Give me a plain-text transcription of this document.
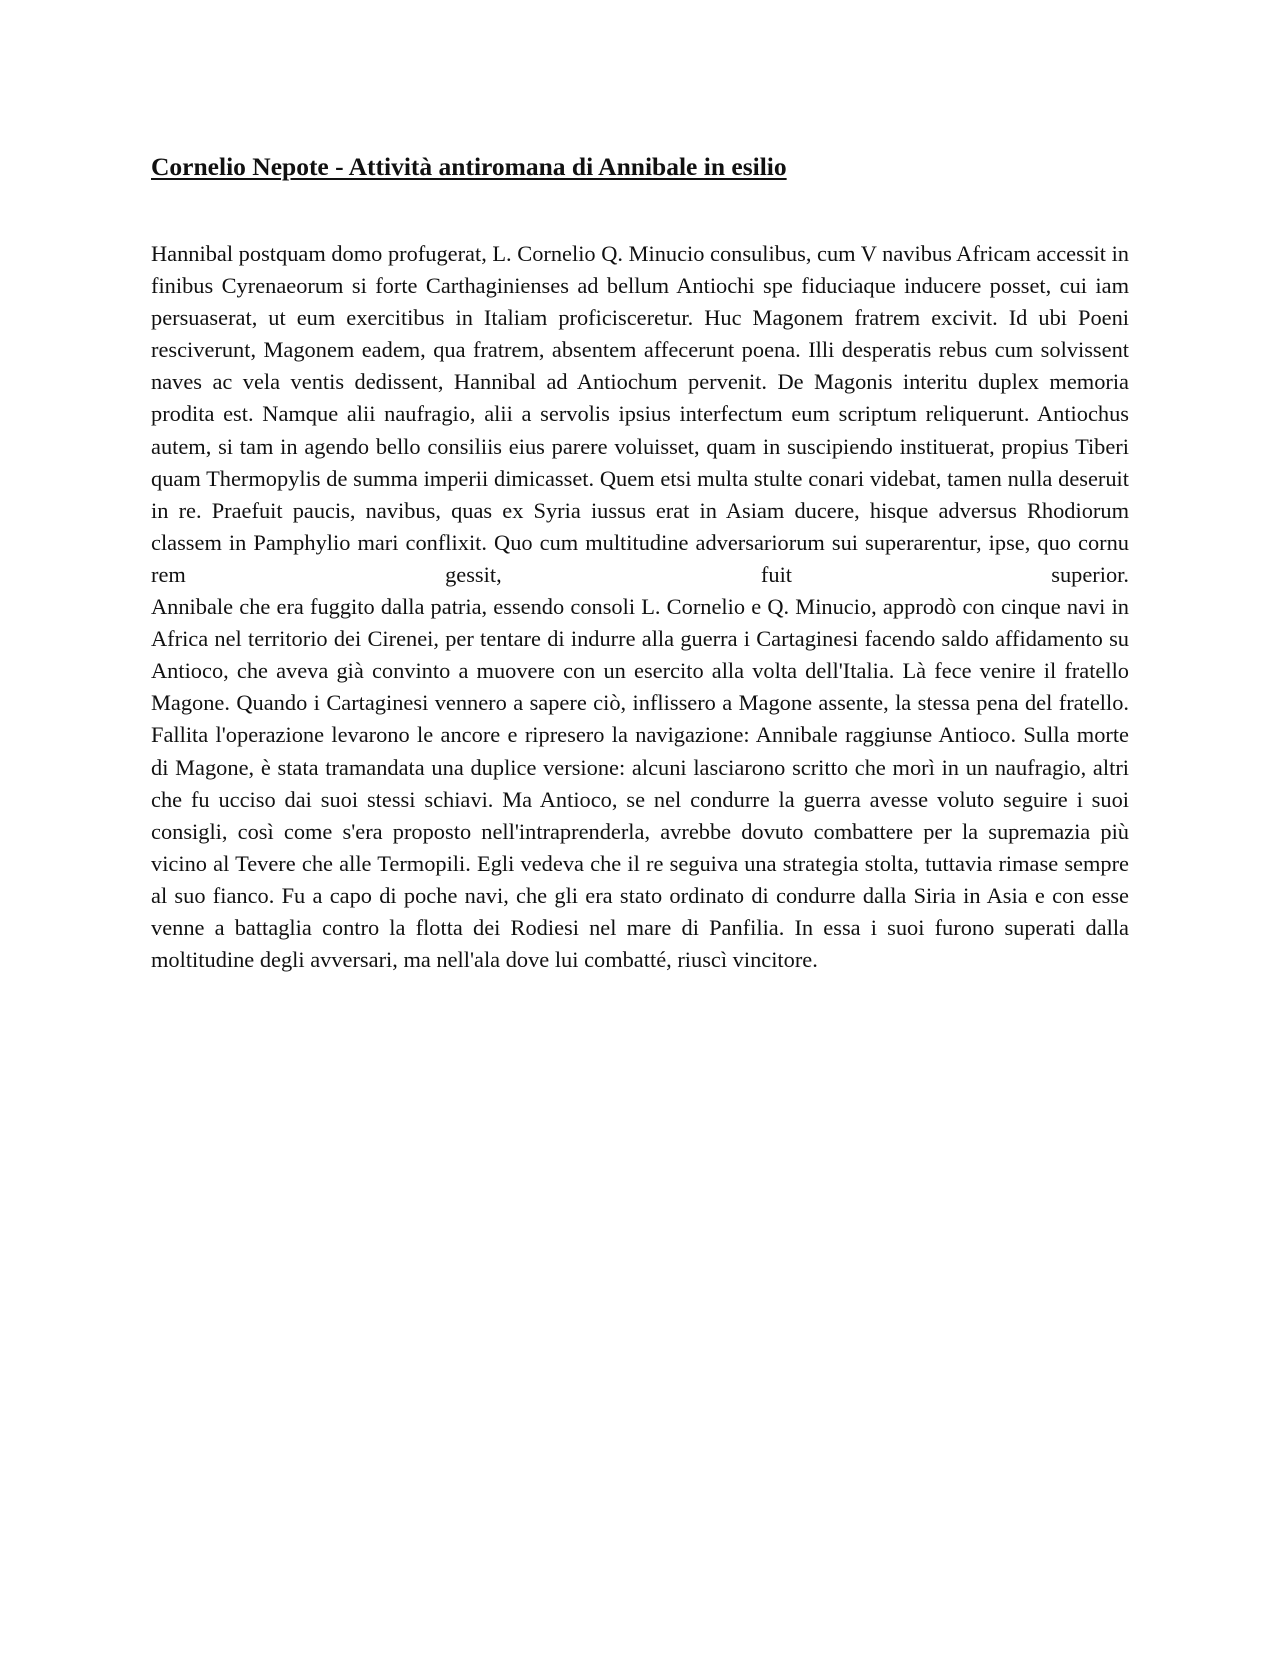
Cornelio Nepote - Attività antiromana di Annibale in esilio

Hannibal postquam domo profugerat, L. Cornelio Q. Minucio consulibus, cum V navibus Africam accessit in finibus Cyrenaeorum si forte Carthaginienses ad bellum Antiochi spe fiduciaque inducere posset, cui iam persuaserat, ut eum exercitibus in Italiam proficisceretur. Huc Magonem fratrem excivit. Id ubi Poeni resciverunt, Magonem eadem, qua fratrem, absentem affecerunt poena. Illi desperatis rebus cum solvissent naves ac vela ventis dedissent, Hannibal ad Antiochum pervenit. De Magonis interitu duplex memoria prodita est. Namque alii naufragio, alii a servolis ipsius interfectum eum scriptum reliquerunt. Antiochus autem, si tam in agendo bello consiliis eius parere voluisset, quam in suscipiendo instituerat, propius Tiberi quam Thermopylis de summa imperii dimicasset. Quem etsi multa stulte conari videbat, tamen nulla deseruit in re. Praefuit paucis, navibus, quas ex Syria iussus erat in Asiam ducere, hisque adversus Rhodiorum classem in Pamphylio mari conflixit. Quo cum multitudine adversariorum sui superarentur, ipse, quo cornu rem gessit, fuit superior.

Annibale che era fuggito dalla patria, essendo consoli L. Cornelio e Q. Minucio, approdò con cinque navi in Africa nel territorio dei Cirenei, per tentare di indurre alla guerra i Cartaginesi facendo saldo affidamento su Antioco, che aveva già convinto a muovere con un esercito alla volta dell'Italia. Là fece venire il fratello Magone. Quando i Cartaginesi vennero a sapere ciò, inflissero a Magone assente, la stessa pena del fratello. Fallita l'operazione levarono le ancore e ripresero la navigazione: Annibale raggiunse Antioco. Sulla morte di Magone, è stata tramandata una duplice versione: alcuni lasciarono scritto che morì in un naufragio, altri che fu ucciso dai suoi stessi schiavi. Ma Antioco, se nel condurre la guerra avesse voluto seguire i suoi consigli, così come s'era proposto nell'intraprenderla, avrebbe dovuto combattere per la supremazia più vicino al Tevere che alle Termopili. Egli vedeva che il re seguiva una strategia stolta, tuttavia rimase sempre al suo fianco. Fu a capo di poche navi, che gli era stato ordinato di condurre dalla Siria in Asia e con esse venne a battaglia contro la flotta dei Rodiesi nel mare di Panfilia. In essa i suoi furono superati dalla moltitudine degli avversari, ma nell'ala dove lui combatté, riuscì vincitore.
